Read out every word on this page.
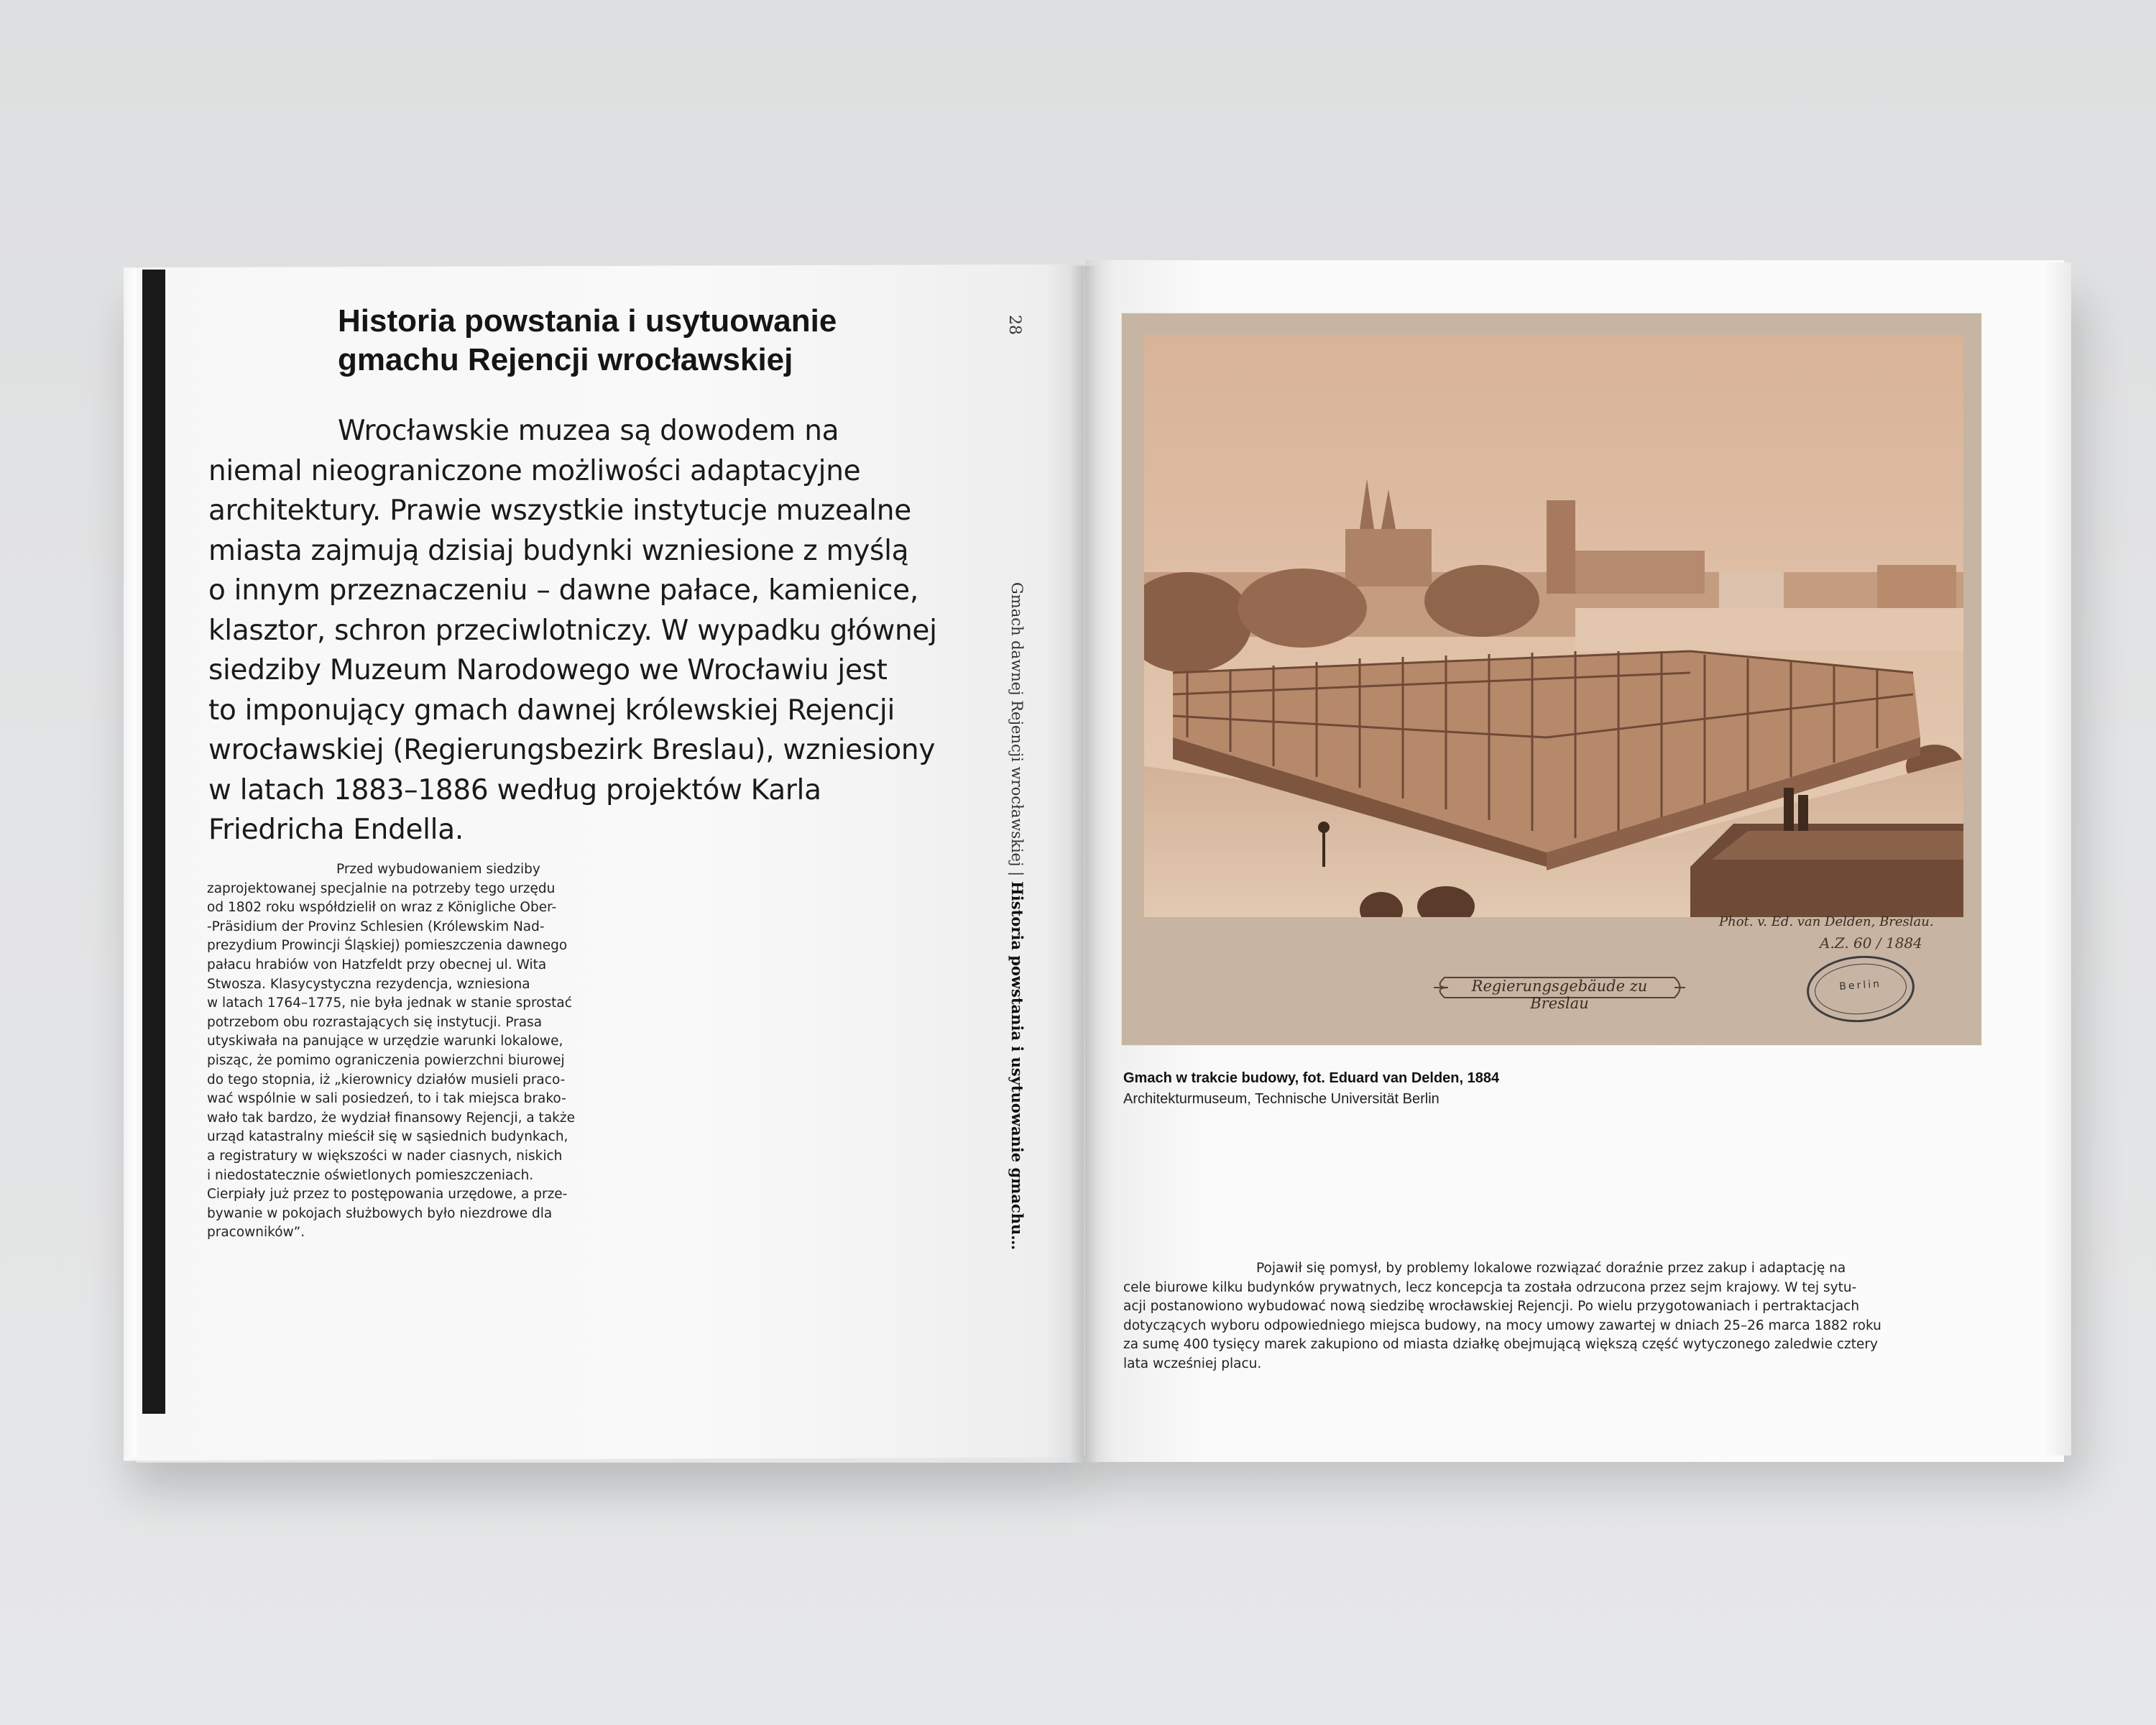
Historia powstania i usytuowanie
gmachu Rejencji wrocławskiej
Wrocławskie muzea są dowodem na
niemal nieograniczone możliwości adaptacyjne
architektury. Prawie wszystkie instytucje muzealne
miasta zajmują dzisiaj budynki wzniesione z myślą
o innym przeznaczeniu – dawne pałace, kamienice,
klasztor, schron przeciwlotniczy. W wypadku głównej
siedziby Muzeum Narodowego we Wrocławiu jest
to imponujący gmach dawnej królewskiej Rejencji
wrocławskiej (Regierungsbezirk Breslau), wzniesiony
w latach 1883–1886 według projektów Karla
Friedricha Endella.
Przed wybudowaniem siedziby
zaprojektowanej specjalnie na potrzeby tego urzędu
od 1802 roku współdzielił on wraz z Königliche Ober-
-Präsidium der Provinz Schlesien (Królewskim Nad-
prezydium Prowincji Śląskiej) pomieszczenia dawnego
pałacu hrabiów von Hatzfeldt przy obecnej ul. Wita
Stwosza. Klasycystyczna rezydencja, wzniesiona
w latach 1764–1775, nie była jednak w stanie sprostać
potrzebom obu rozrastających się instytucji. Prasa
utyskiwała na panujące w urzędzie warunki lokalowe,
pisząc, że pomimo ograniczenia powierzchni biurowej
do tego stopnia, iż „kierownicy działów musieli praco-
wać wspólnie w sali posiedzeń, to i tak miejsca brako-
wało tak bardzo, że wydział finansowy Rejencji, a także
urząd katastralny mieścił się w sąsiednich budynkach,
a registratury w większości w nader ciasnych, niskich
i niedostatecznie oświetlonych pomieszczeniach.
Cierpiały już przez to postępowania urzędowe, a prze-
bywanie w pokojach służbowych było niezdrowe dla
pracowników”.
28
Gmach dawnej Rejencji wrocławskiej | Historia powstania i usytuowanie gmachu…	Regierungsgebäude zu Breslau
Phot. v. Ed. van Delden, Breslau.
A.Z. 60 / 1884
Berlin
Gmach w trakcie budowy, fot. Eduard van Delden, 1884
Architekturmuseum, Technische Universität Berlin
Pojawił się pomysł, by problemy lokalowe rozwiązać doraźnie przez zakup i adaptację na
cele biurowe kilku budynków prywatnych, lecz koncepcja ta została odrzucona przez sejm krajowy. W tej sytu-
acji postanowiono wybudować nową siedzibę wrocławskiej Rejencji. Po wielu przygotowaniach i pertraktacjach
dotyczących wyboru odpowiedniego miejsca budowy, na mocy umowy zawartej w dniach 25–26 marca 1882 roku
za sumę 400 tysięcy marek zakupiono od miasta działkę obejmującą większą część wytyczonego zaledwie cztery
lata wcześniej placu.
